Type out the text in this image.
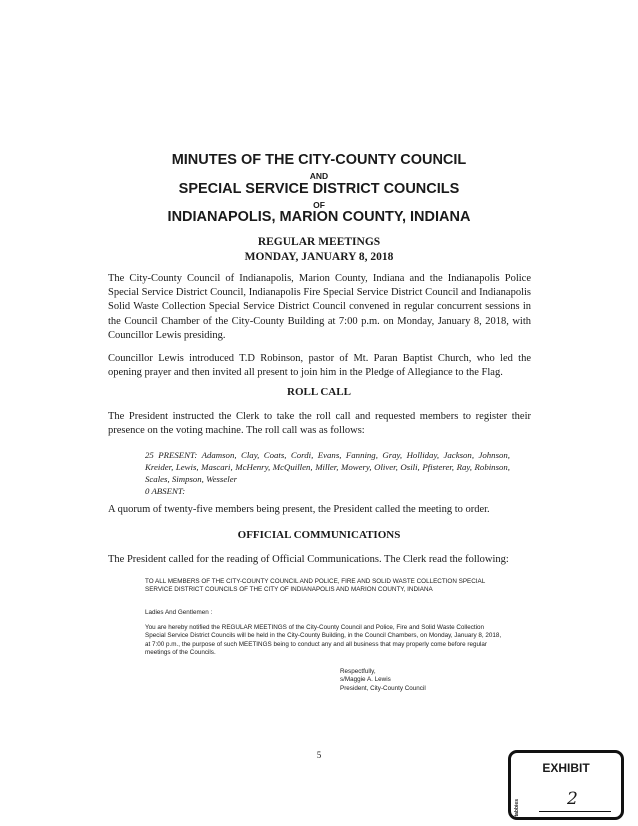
MINUTES OF THE CITY-COUNTY COUNCIL
AND
SPECIAL SERVICE DISTRICT COUNCILS
OF
INDIANAPOLIS, MARION COUNTY, INDIANA
REGULAR MEETINGS
MONDAY, JANUARY 8, 2018
The City-County Council of Indianapolis, Marion County, Indiana and the Indianapolis Police Special Service District Council, Indianapolis Fire Special Service District Council and Indianapolis Solid Waste Collection Special Service District Council convened in regular concurrent sessions in the Council Chamber of the City-County Building at 7:00 p.m. on Monday, January 8, 2018, with Councillor Lewis presiding.
Councillor Lewis introduced T.D Robinson, pastor of Mt. Paran Baptist Church, who led the opening prayer and then invited all present to join him in the Pledge of Allegiance to the Flag.
ROLL CALL
The President instructed the Clerk to take the roll call and requested members to register their presence on the voting machine. The roll call was as follows:
25 PRESENT: Adamson, Clay, Coats, Cordi, Evans, Fanning, Gray, Holliday, Jackson, Johnson, Kreider, Lewis, Mascari, McHenry, McQuillen, Miller, Mowery, Oliver, Osili, Pfisterer, Ray, Robinson, Scales, Simpson, Wesseler
0 ABSENT:
A quorum of twenty-five members being present, the President called the meeting to order.
OFFICIAL COMMUNICATIONS
The President called for the reading of Official Communications. The Clerk read the following:
TO ALL MEMBERS OF THE CITY-COUNTY COUNCIL AND POLICE, FIRE AND SOLID WASTE COLLECTION SPECIAL SERVICE DISTRICT COUNCILS OF THE CITY OF INDIANAPOLIS AND MARION COUNTY, INDIANA
Ladies And Gentlemen :
You are hereby notified the REGULAR MEETINGS of the City-County Council and Police, Fire and Solid Waste Collection Special Service District Councils will be held in the City-County Building, in the Council Chambers, on Monday, January 8, 2018, at 7:00 p.m., the purpose of such MEETINGS being to conduct any and all business that may properly come before regular meetings of the Councils.
Respectfully,
s/Maggie A. Lewis
President, City-County Council
5
EXHIBIT
tabbies	2
